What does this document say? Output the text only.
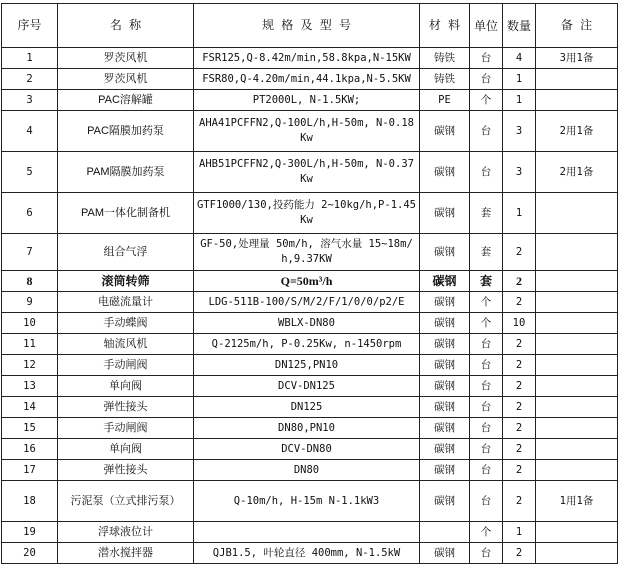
序号	名 称	规 格 及 型 号	材 料	单位	数量	备 注
1	罗茨风机	FSR125,Q-8.42m/min,58.8kpa,N-15KW	铸铁	台	4	3用1备
2	罗茨风机	FSR80,Q-4.20m/min,44.1kpa,N-5.5KW	铸铁	台	1	
3	PAC溶解罐	PT2000L, N-1.5KW;	PE	个	1	
4	PAC隔膜加药泵	AHA41PCFFN2,Q-100L/h,H-50m, N-0.18Kw	碳钢	台	3	2用1备
5	PAM隔膜加药泵	AHB51PCFFN2,Q-300L/h,H-50m, N-0.37Kw	碳钢	台	3	2用1备
6	PAM一体化制备机	GTF1000/130,投药能力 2~10kg/h,P-1.45Kw	碳钢	套	1	
7	组合气浮	GF-50,处理量 50m/h, 溶气水量 15~18m/h,9.37KW	碳钢	套	2	
8	滚筒转筛	Q=50m³/h	碳钢	套	2	
9	电磁流量计	LDG-511B-100/S/M/2/F/1/0/0/p2/E	碳钢	个	2	
10	手动蝶阀	WBLX-DN80	碳钢	个	10	
11	轴流风机	Q-2125m/h, P-0.25Kw, n-1450rpm	碳钢	台	2	
12	手动闸阀	DN125,PN10	碳钢	台	2	
13	单向阀	DCV-DN125	碳钢	台	2	
14	弹性接头	DN125	碳钢	台	2	
15	手动闸阀	DN80,PN10	碳钢	台	2	
16	单向阀	DCV-DN80	碳钢	台	2	
17	弹性接头	DN80	碳钢	台	2	
18	污泥泵（立式排污泵）	Q-10m/h, H-15m N-1.1kW3	碳钢	台	2	1用1备
19	浮球液位计			个	1	
20	潜水搅拌器	QJB1.5, 叶轮直径 400mm, N-1.5kW	碳钢	台	2	
